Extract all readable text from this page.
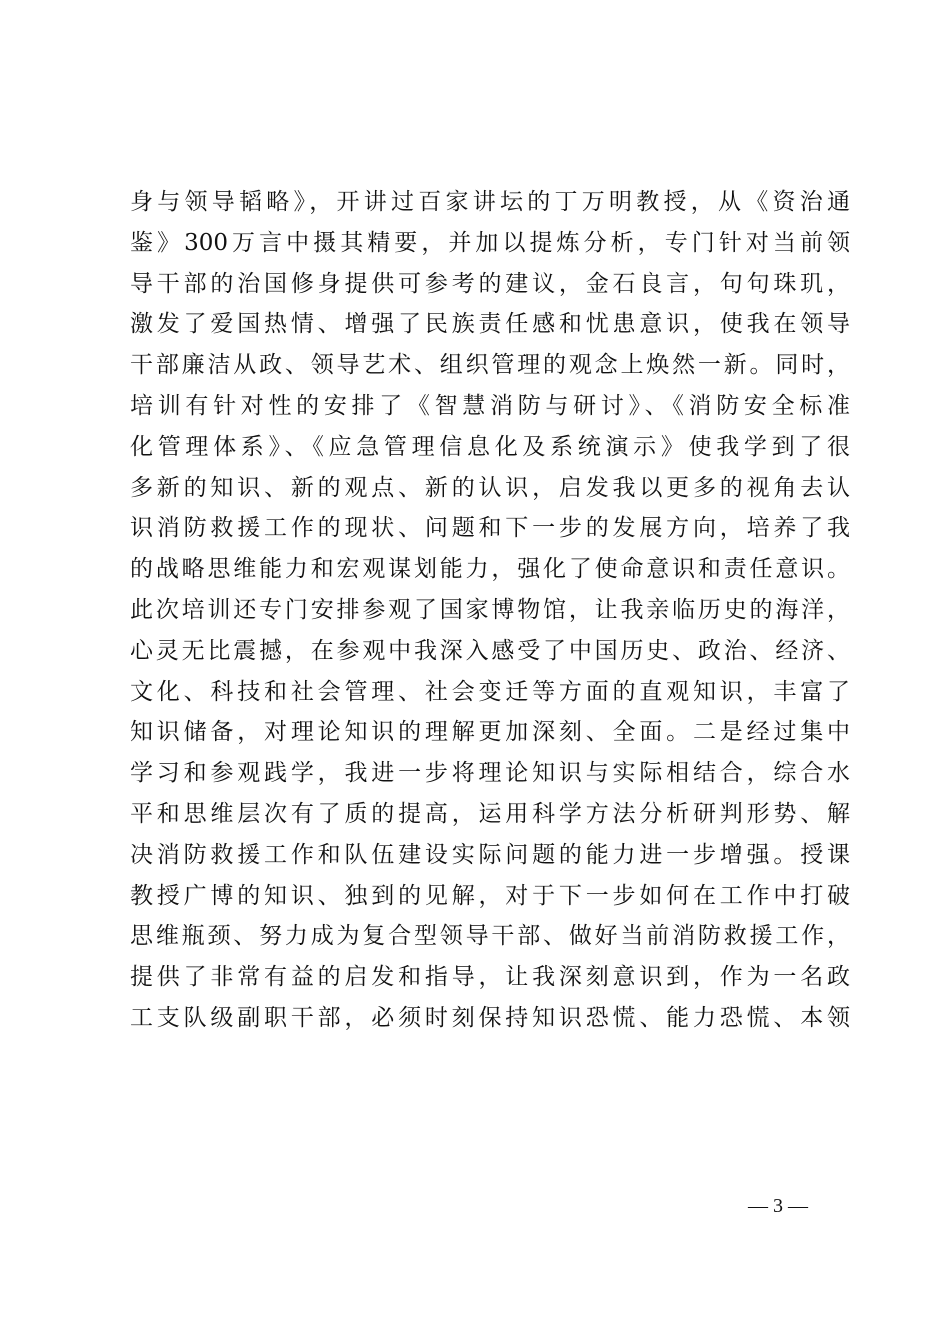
身与领导韬略》，开讲过百家讲坛的丁万明教授，从《资治通
鉴》300万言中摄其精要，并加以提炼分析，专门针对当前领
导干部的治国修身提供可参考的建议，金石良言，句句珠玑，
激发了爱国热情、增强了民族责任感和忧患意识，使我在领导
干部廉洁从政、领导艺术、组织管理的观念上焕然一新。同时，
培训有针对性的安排了《智慧消防与研讨》、《消防安全标准
化管理体系》、《应急管理信息化及系统演示》使我学到了很
多新的知识、新的观点、新的认识，启发我以更多的视角去认
识消防救援工作的现状、问题和下一步的发展方向，培养了我
的战略思维能力和宏观谋划能力，强化了使命意识和责任意识。
此次培训还专门安排参观了国家博物馆，让我亲临历史的海洋，
心灵无比震撼，在参观中我深入感受了中国历史、政治、经济、
文化、科技和社会管理、社会变迁等方面的直观知识，丰富了
知识储备，对理论知识的理解更加深刻、全面。二是经过集中
学习和参观践学，我进一步将理论知识与实际相结合，综合水
平和思维层次有了质的提高，运用科学方法分析研判形势、解
决消防救援工作和队伍建设实际问题的能力进一步增强。授课
教授广博的知识、独到的见解，对于下一步如何在工作中打破
思维瓶颈、努力成为复合型领导干部、做好当前消防救援工作，
提供了非常有益的启发和指导，让我深刻意识到，作为一名政
工支队级副职干部，必须时刻保持知识恐慌、能力恐慌、本领
— 3 —
